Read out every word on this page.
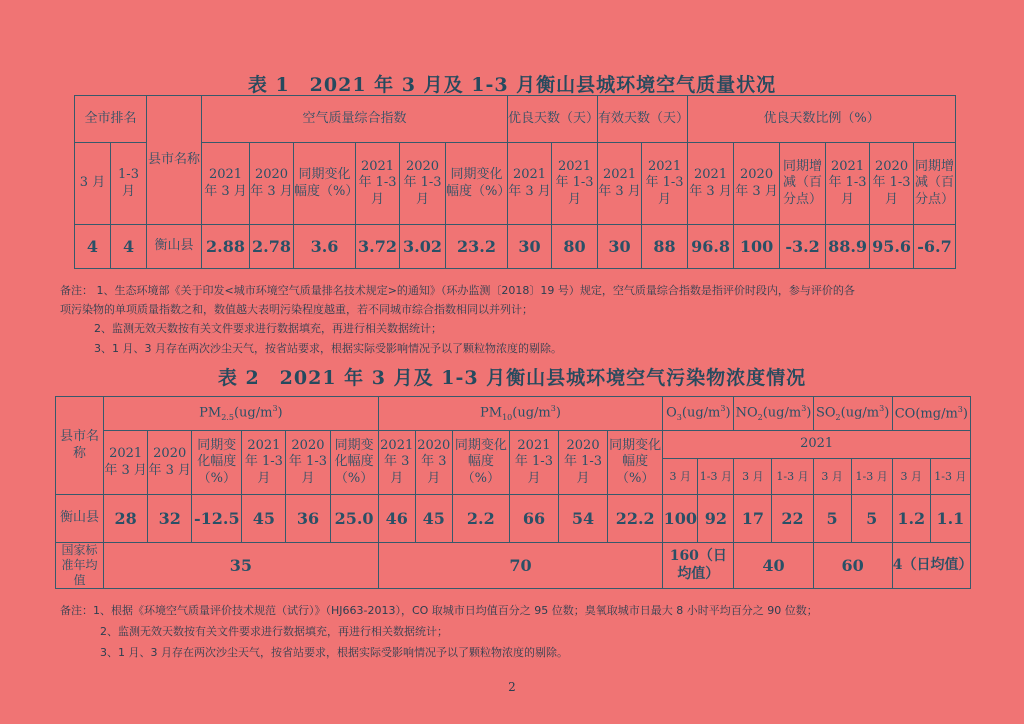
表 1　2021 年 3 月及 1-3 月衡山县城环境空气质量状况
全市排名		县市名称	空气质量综合指数						优良天数（天）		有效天数（天）		优良天数比例（%）					
3 月	1-3 月		2021 年 3 月	2020 年 3 月	同期变化幅度（%）	2021 年 1-3 月	2020 年 1-3 月	同期变化幅度（%）	2021 年 3 月	2021 年 1-3 月	2021 年 3 月	2021 年 1-3 月	2021 年 3 月	2020 年 3 月	同期增减（百分点）	2021 年 1-3 月	2020 年 1-3 月	同期增减（百分点）
4	4	衡山县	2.88	2.78	3.6	3.72	3.02	23.2	30	80	30	88	96.8	100	-3.2	88.9	95.6	-6.7
备注： 1、生态环境部《关于印发<城市环境空气质量排名技术规定>的通知》（环办监测〔2018〕19 号）规定，空气质量综合指数是指评价时段内，参与评价的各
项污染物的单项质量指数之和，数值越大表明污染程度越重，若不同城市综合指数相同以并列计；
2、监测无效天数按有关文件要求进行数据填充，再进行相关数据统计；
3、1 月、3 月存在两次沙尘天气，按省站要求，根据实际受影响情况予以了颗粒物浓度的剔除。
表 2　2021 年 3 月及 1-3 月衡山县城环境空气污染物浓度情况
县市名称	$PM_{2.5}(ug/m^3)$						$PM_{10}(ug/m^3)$						$O_3(ug/m^3)$		$NO_2(ug/m^3)$		$SO_2(ug/m^3)$		$CO(mg/m^3)$	
	2021 年 3 月	2020 年 3 月	同期变化幅度（%）	2021 年 1-3 月	2020 年 1-3 月	同期变化幅度（%）	2021 年 3 月	2020 年 3 月	同期变化幅度（%）	2021 年 1-3 月	2020 年 1-3 月	同期变化幅度（%）	2021							
													3 月	1-3 月	3 月	1-3 月	3 月	1-3 月	3 月	1-3 月
衡山县	28	32	-12.5	45	36	25.0	46	45	2.2	66	54	22.2	100	92	17	22	5	5	1.2	1.1
国家标准年均值	35						70						160（日均值）		40		60		4（日均值）	
备注：1、根据《环境空气质量评价技术规范（试行）》（HJ663-2013），CO 取城市日均值百分之 95 位数；臭氧取城市日最大 8 小时平均百分之 90 位数；
2、监测无效天数按有关文件要求进行数据填充，再进行相关数据统计；
3、1 月、3 月存在两次沙尘天气，按省站要求，根据实际受影响情况予以了颗粒物浓度的剔除。
2
